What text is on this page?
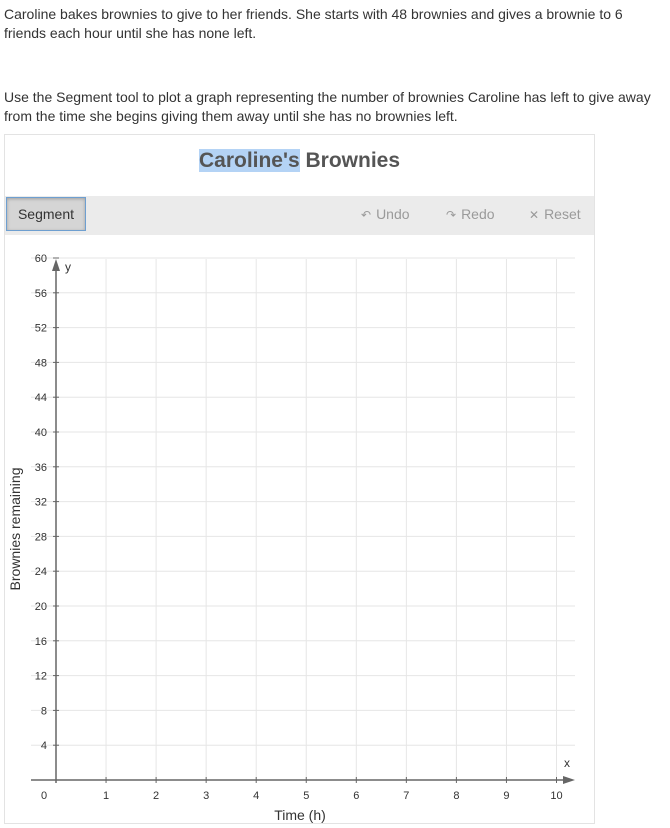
Caroline bakes brownies to give to her friends. She starts with 48 brownies and gives a brownie to 6 friends each hour until she has none left.

Use the Segment tool to plot a graph representing the number of brownies Caroline has left to give away from the time she begins giving them away until she has no brownies left.

Caroline's Brownies
Segment	↶ Undo	↷ Redo	✕ Reset
1	2	3	4	5	6	7	8	9	10
4
8
12
16
20
24
28
32
36
40
44
48
52
56
60
0
x
y
Time (h)
Brownies remaining
